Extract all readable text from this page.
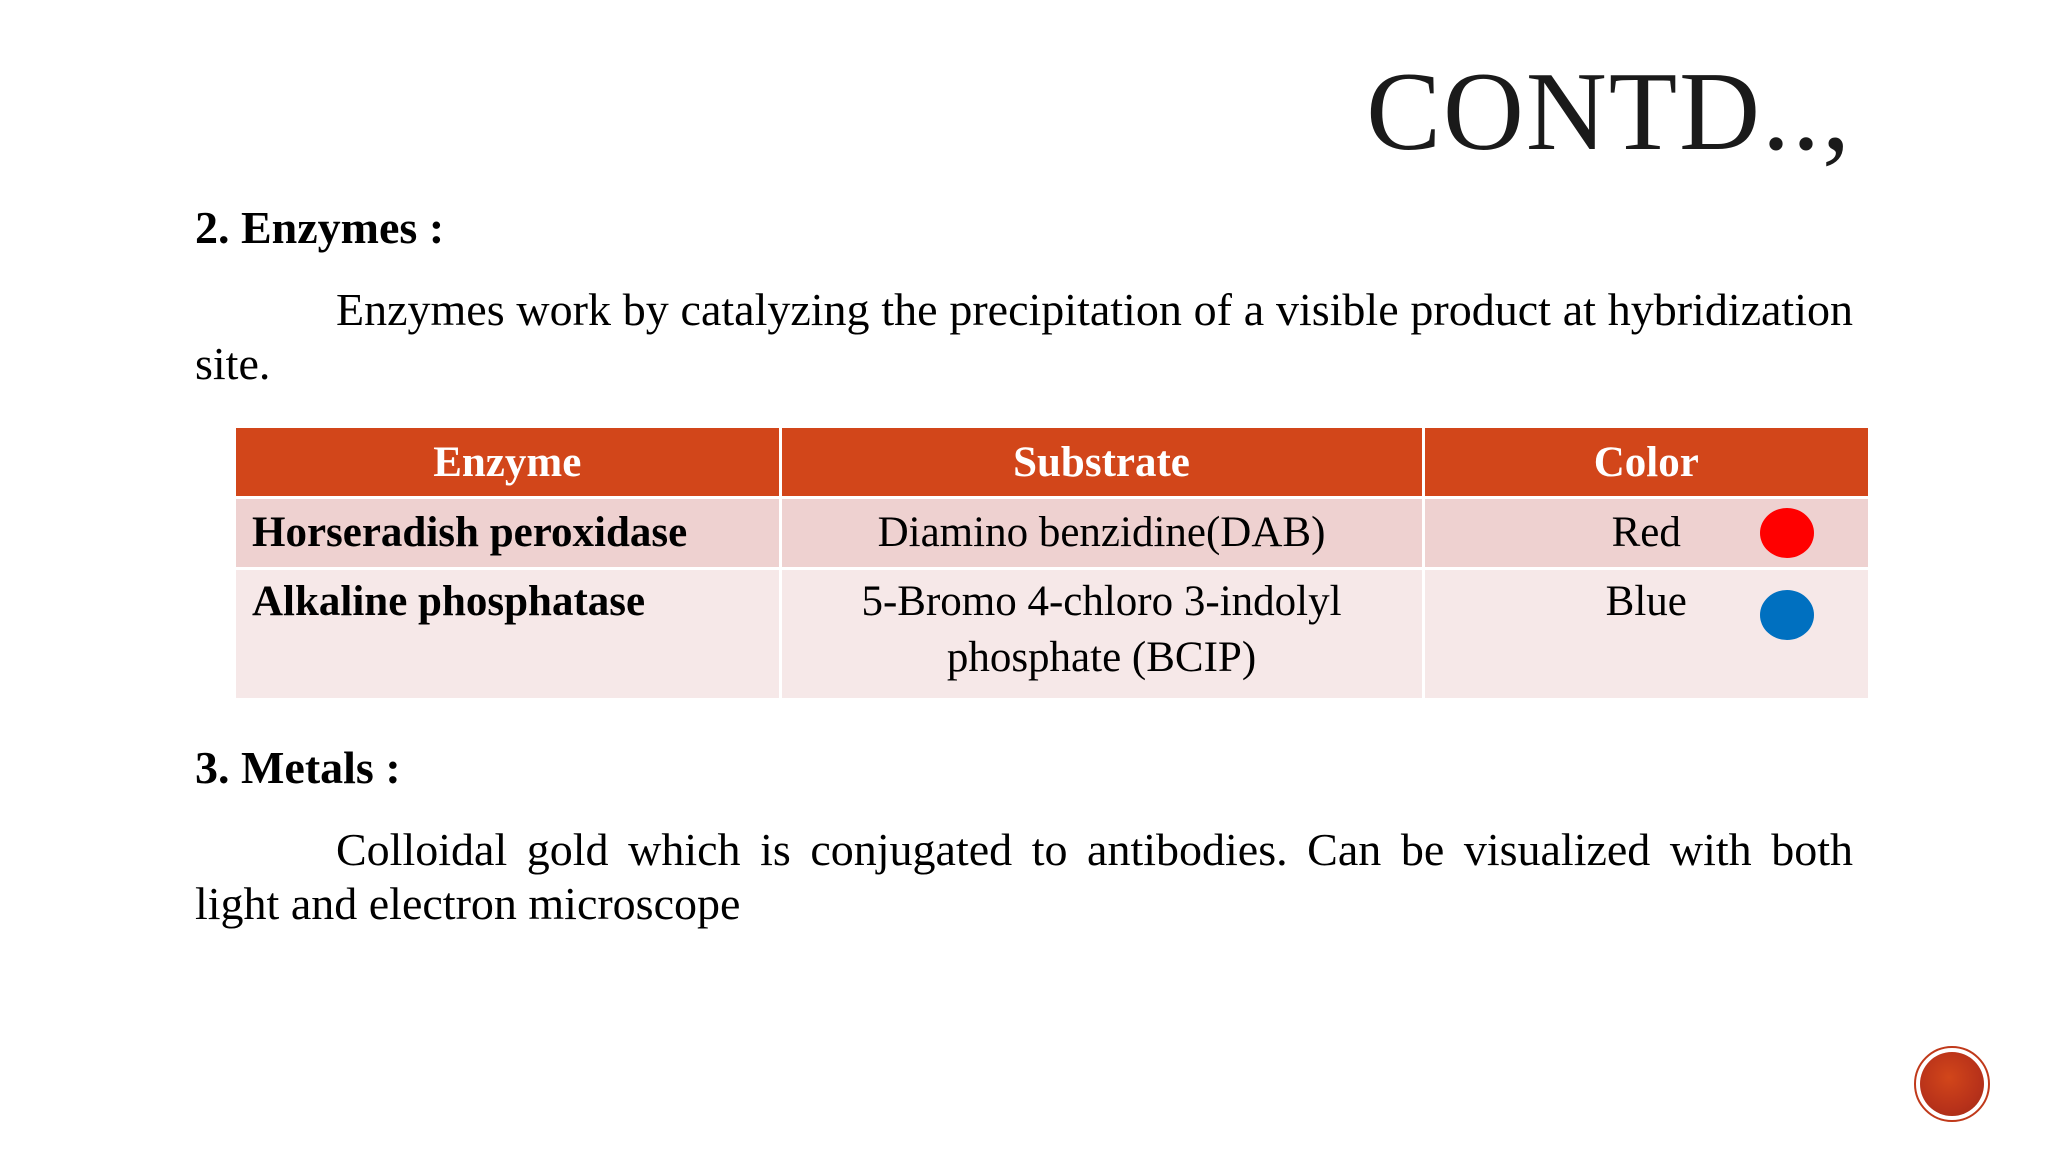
CONTD..,
2. Enzymes :
Enzymes work by catalyzing the precipitation of a visible product at hybridization site.
Enzyme	Substrate	Color
Horseradish peroxidase	Diamino benzidine(DAB)	Red

Alkaline phosphatase	5-Bromo 4-chloro 3-indolyl phosphate (BCIP)	Blue
3. Metals :
Colloidal gold which is conjugated to antibodies. Can be visualized with both light and electron microscope
